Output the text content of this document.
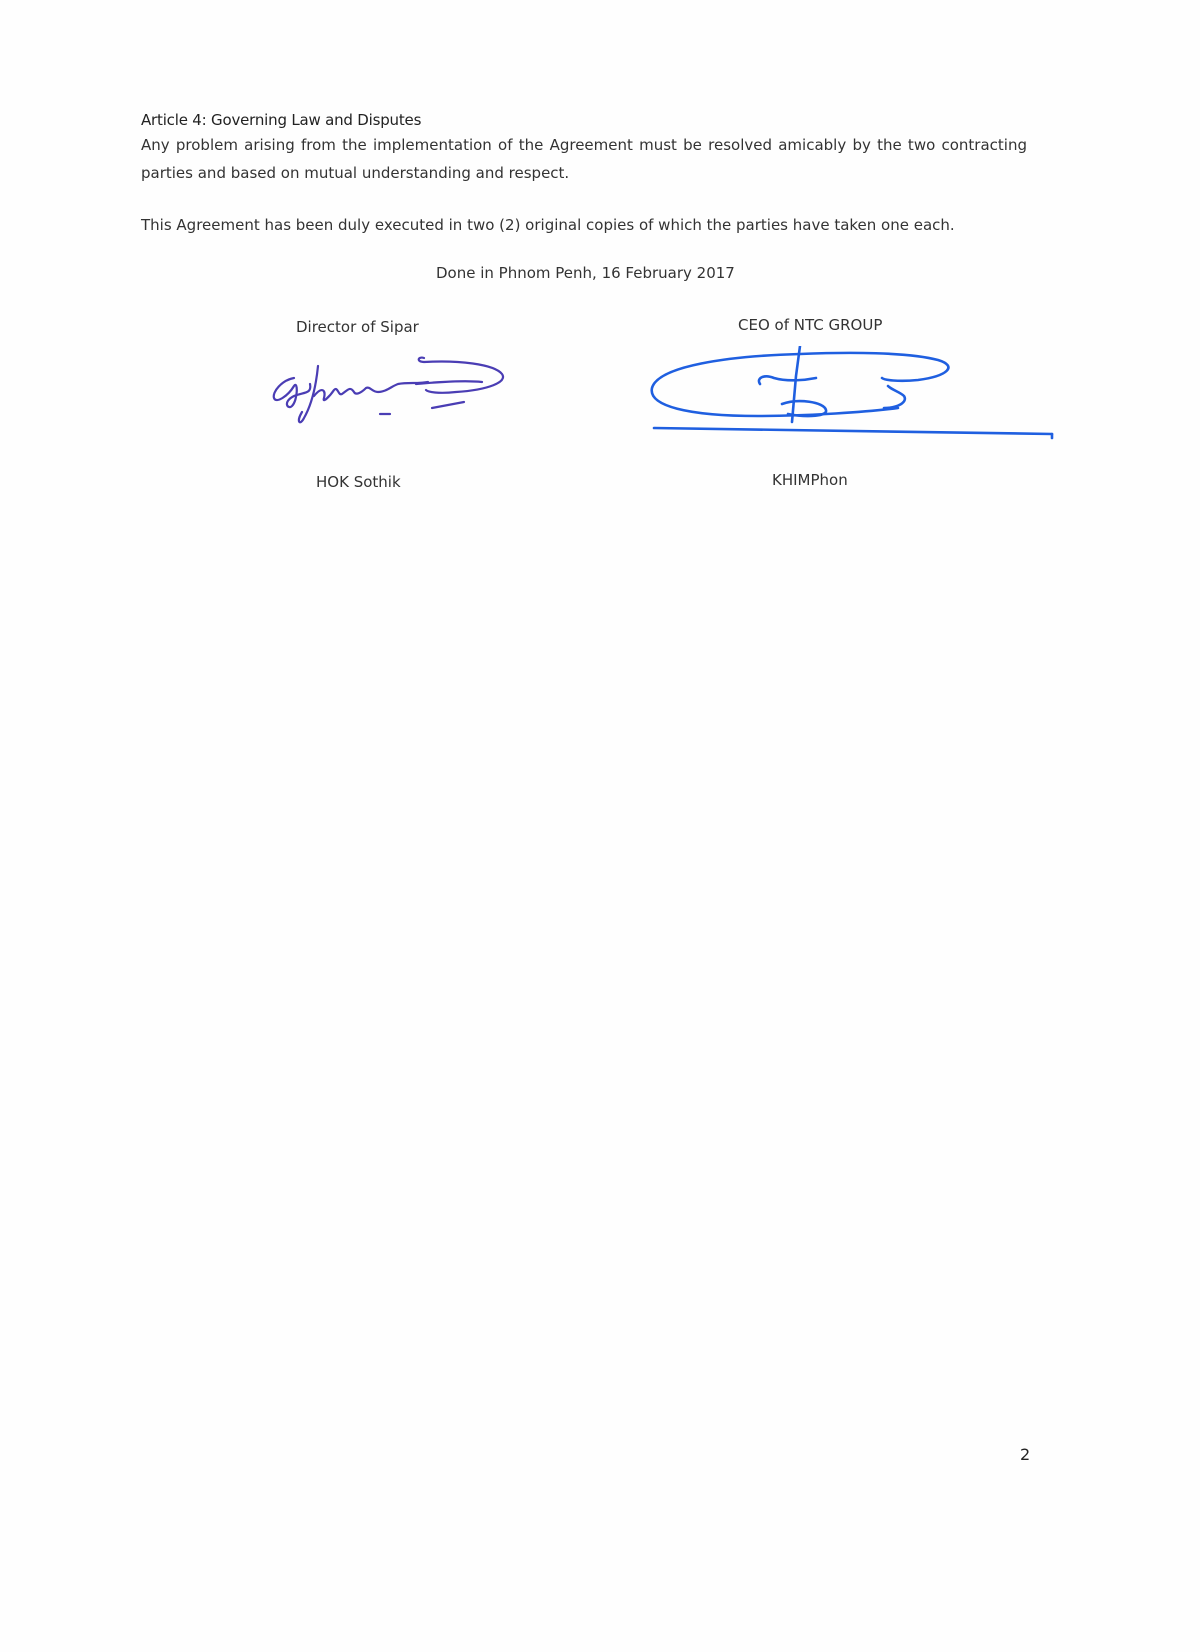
Article 4: Governing Law and Disputes
Any problem arising from the implementation of the Agreement must be resolved amicably by the two contracting
parties and based on mutual understanding and respect.
This Agreement has been duly executed in two (2) original copies of which the parties have taken one each.
Done in Phnom Penh, 16 February 2017
Director of Sipar	CEO of NTC GROUP
HOK Sothik	KHIMPhon
2
